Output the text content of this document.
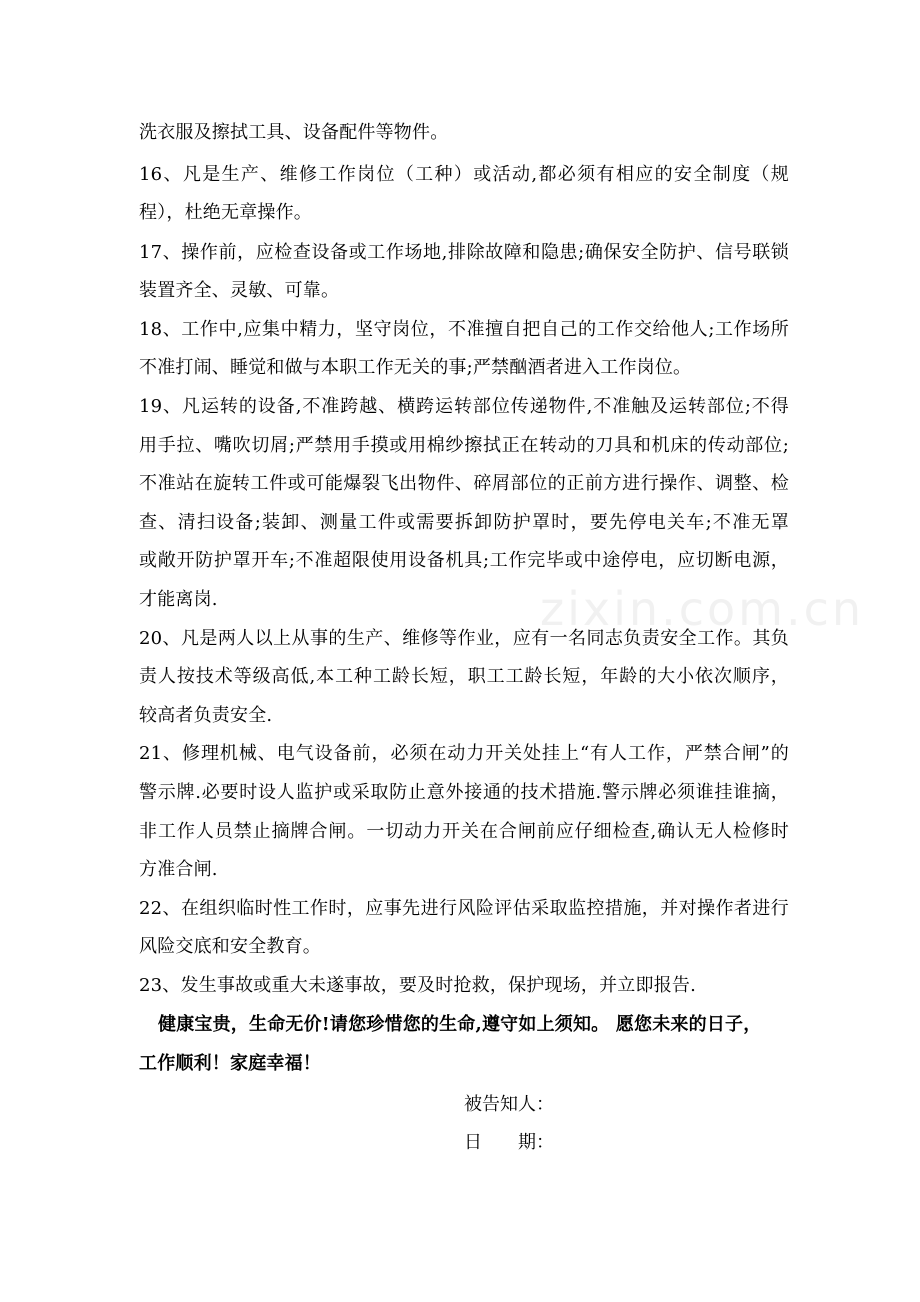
zixin.com.cn
洗衣服及擦拭工具、设备配件等物件。
16、凡是生产、维修工作岗位（工种）或活动,都必须有相应的安全制度（规
程），杜绝无章操作。
17、操作前，应检查设备或工作场地,排除故障和隐患;确保安全防护、信号联锁
装置齐全、灵敏、可靠。
18、工作中,应集中精力，坚守岗位，不准擅自把自己的工作交给他人;工作场所
不准打闹、睡觉和做与本职工作无关的事;严禁酗酒者进入工作岗位。
19、凡运转的设备,不准跨越、横跨运转部位传递物件,不准触及运转部位;不得
用手拉、嘴吹切屑;严禁用手摸或用棉纱擦拭正在转动的刀具和机床的传动部位;
不准站在旋转工件或可能爆裂飞出物件、碎屑部位的正前方进行操作、调整、检
查、清扫设备;装卸、测量工件或需要拆卸防护罩时，要先停电关车;不准无罩
或敞开防护罩开车;不准超限使用设备机具;工作完毕或中途停电，应切断电源，
才能离岗.
20、凡是两人以上从事的生产、维修等作业，应有一名同志负责安全工作。其负
责人按技术等级高低,本工种工龄长短，职工工龄长短，年龄的大小依次顺序，
较高者负责安全.
21、修理机械、电气设备前，必须在动力开关处挂上“有人工作，严禁合闸”的
警示牌.必要时设人监护或采取防止意外接通的技术措施.警示牌必须谁挂谁摘，
非工作人员禁止摘牌合闸。一切动力开关在合闸前应仔细检查,确认无人检修时
方准合闸.
22、在组织临时性工作时，应事先进行风险评估采取监控措施，并对操作者进行
风险交底和安全教育。
23、发生事故或重大未遂事故，要及时抢救，保护现场，并立即报告.
健康宝贵，生命无价!请您珍惜您的生命,遵守如上须知。 愿您未来的日子，
工作顺利！家庭幸福！
被告知人：
日　　期：
